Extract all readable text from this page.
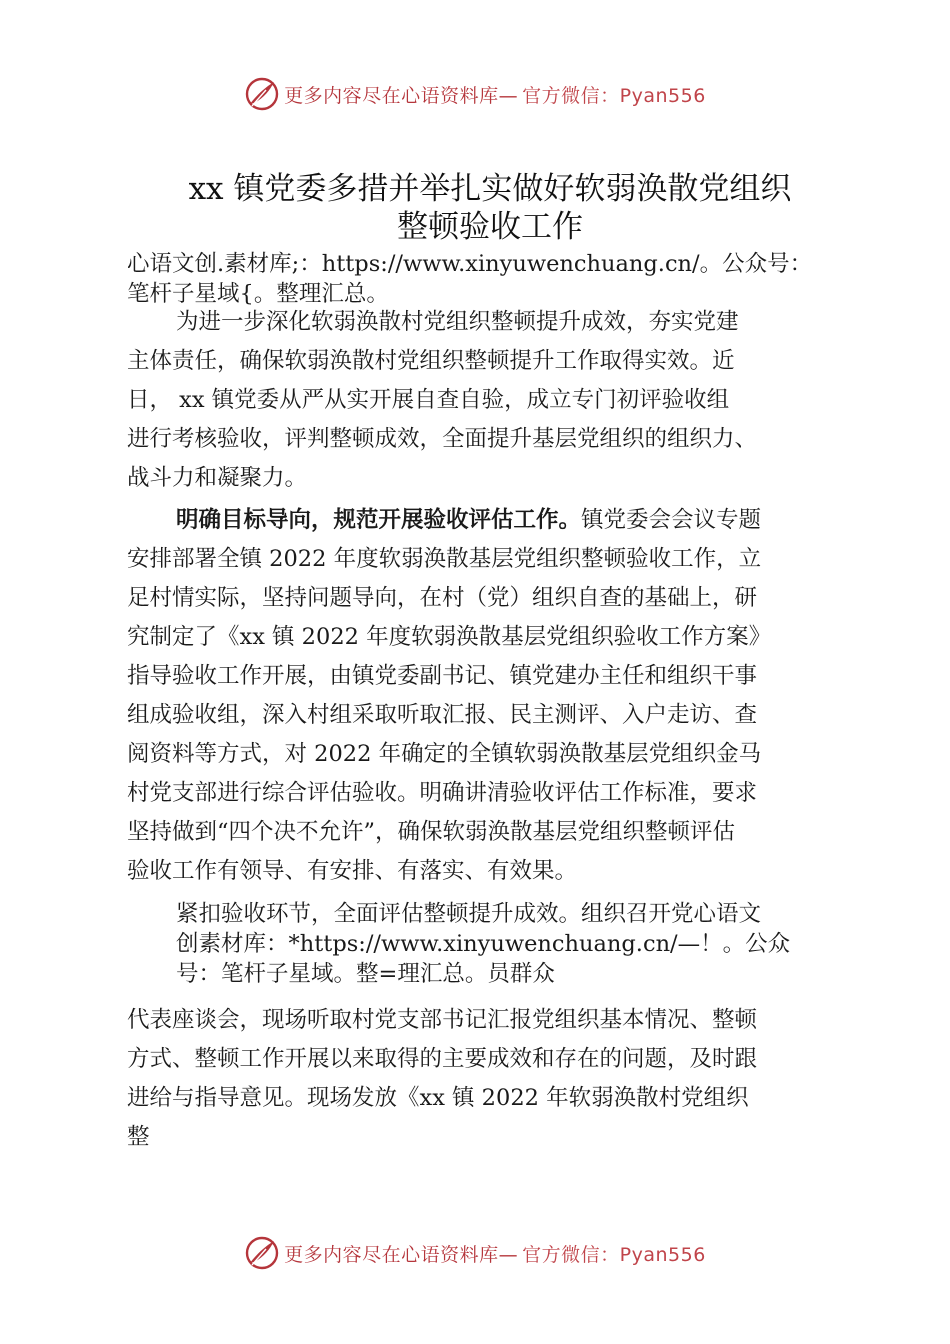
更多内容尽在心语资料库— 官方微信：Pyan556
xx 镇党委多措并举扎实做好软弱涣散党组织
整顿验收工作
心语文创.素材库;：https://www.xinyuwenchuang.cn/。公众号：
笔杆子星域{。整理汇总。
为进一步深化软弱涣散村党组织整顿提升成效，夯实党建
主体责任，确保软弱涣散村党组织整顿提升工作取得实效。近
日， xx 镇党委从严从实开展自查自验，成立专门初评验收组
进行考核验收，评判整顿成效，全面提升基层党组织的组织力、
战斗力和凝聚力。
明确目标导向，规范开展验收评估工作。镇党委会会议专题
安排部署全镇 2022 年度软弱涣散基层党组织整顿验收工作，立
足村情实际，坚持问题导向，在村（党）组织自查的基础上，研
究制定了《xx 镇 2022 年度软弱涣散基层党组织验收工作方案》
指导验收工作开展，由镇党委副书记、镇党建办主任和组织干事
组成验收组，深入村组采取听取汇报、民主测评、入户走访、查
阅资料等方式，对 2022 年确定的全镇软弱涣散基层党组织金马
村党支部进行综合评估验收。明确讲清验收评估工作标准，要求
坚持做到“四个决不允许”，确保软弱涣散基层党组织整顿评估
验收工作有领导、有安排、有落实、有效果。
紧扣验收环节，全面评估整顿提升成效。组织召开党心语文
创素材库：*https://www.xinyuwenchuang.cn/—！。公众
号：笔杆子星域。整=理汇总。员群众
代表座谈会，现场听取村党支部书记汇报党组织基本情况、整顿
方式、整顿工作开展以来取得的主要成效和存在的问题，及时跟
进给与指导意见。现场发放《xx 镇 2022 年软弱涣散村党组织
整
更多内容尽在心语资料库— 官方微信：Pyan556
